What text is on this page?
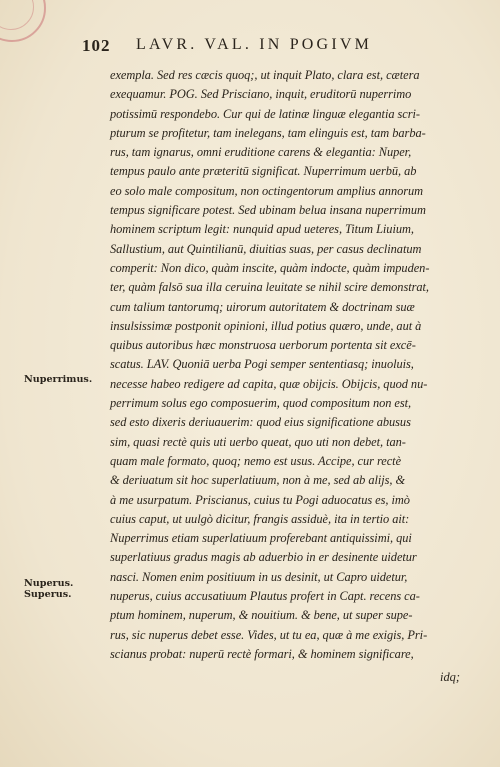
102 LAVR. VAL. IN POGIVM
Nuperrimus.
Nuperus.
Superus.
exempla. Sed res cæcis quoq;, ut inquit Plato, clara est, cætera
exequamur. POG. Sed Prisciano, inquit, eruditorū nuperrimo
potissimū respondebo. Cur qui de latinæ linguæ elegantia scri-
pturum se profitetur, tam inelegans, tam elinguis est, tam barba-
rus, tam ignarus, omni eruditione carens & elegantia: Nuper,
tempus paulo ante præteritū significat. Nuperrimum uerbū, ab
eo solo male compositum, non octingentorum amplius annorum
tempus significare potest. Sed ubinam belua insana nuperrimum
hominem scriptum legit: nunquid apud ueteres, Titum Liuium,
Sallustium, aut Quintilianū, diuitias suas, per casus declinatum
comperit: Non dico, quàm inscite, quàm indocte, quàm impuden-
ter, quàm falsō sua illa ceruina leuitate se nihil scire demonstrat,
cum talium tantorumq; uirorum autoritatem & doctrinam suæ
insulsissimæ postponit opinioni, illud potius quæro, unde, aut à
quibus autoribus hæc monstruosa uerborum portenta sit excē-
scatus. LAV. Quoniā uerba Pogi semper sententiasq; inuoluis,
necesse habeo redigere ad capita, quæ obijcis. Obijcis, quod nu-
perrimum solus ego composuerim, quod compositum non est,
sed esto dixeris deriuauerim: quod eius significatione abusus
sim, quasi rectè quis uti uerbo queat, quo uti non debet, tan-
quam male formato, quoq; nemo est usus. Accipe, cur rectè
& deriuatum sit hoc superlatiuum, non à me, sed ab alijs, &
à me usurpatum. Priscianus, cuius tu Pogi aduocatus es, imò
cuius caput, ut uulgò dicitur, frangis assiduè, ita in tertio ait:
Nuperrimus etiam superlatiuum proferebant antiquissimi, qui
superlatiuus gradus magis ab aduerbio in er desinente uidetur
nasci. Nomen enim positiuum in us desinit, ut Capro uidetur,
nuperus, cuius accusatiuum Plautus profert in Capt. recens ca-
ptum hominem, nuperum, & nouitium. & bene, ut super supe-
rus, sic nuperus debet esse. Vides, ut tu ea, quæ à me exigis, Pri-
scianus probat: nuperū rectè formari, & hominem significare,
idq;
